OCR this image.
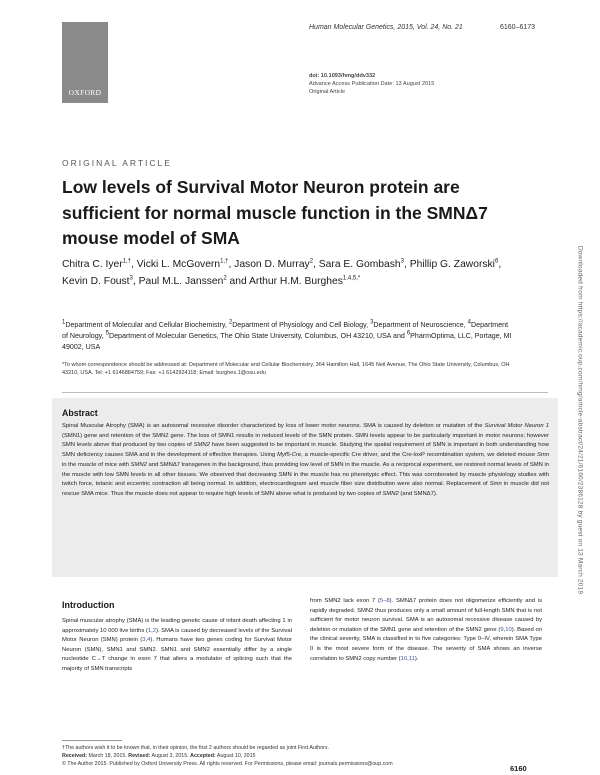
OXFORD
Human Molecular Genetics, 2015, Vol. 24, No. 21	6160–6173
doi: 10.1093/hmg/ddv332
Advance Access Publication Date: 13 August 2015
Original Article
ORIGINAL ARTICLE
Low levels of Survival Motor Neuron protein are sufficient for normal muscle function in the SMNΔ7 mouse model of SMA
Chitra C. Iyer$^{1,\dagger}$, Vicki L. McGovern$^{1,\dagger}$, Jason D. Murray$^2$, Sara E. Gombash$^3$, Phillip G. Zaworski$^6$, Kevin D. Foust$^3$, Paul M.L. Janssen$^2$ and Arthur H.M. Burghes$^{1,4,5,*}$
$^1$Department of Molecular and Cellular Biochemistry, $^2$Department of Physiology and Cell Biology, $^3$Department of Neuroscience, $^4$Department of Neurology, $^5$Department of Molecular Genetics, The Ohio State University, Columbus, OH 43210, USA and $^6$PharmOptima, LLC, Portage, MI 49002, USA
*To whom correspondence should be addressed at: Department of Molecular and Cellular Biochemistry, 364 Hamilton Hall, 1645 Neil Avenue, The Ohio State University, Columbus, OH 43210, USA. Tel: +1 6146884759; Fax: +1 6142924118; Email: burghes.1@osu.edu
Abstract
Spinal Muscular Atrophy (SMA) is an autosomal recessive disorder characterized by loss of lower motor neurons. SMA is caused by deletion or mutation of the Survival Motor Neuron 1 (SMN1) gene and retention of the SMN2 gene. The loss of SMN1 results in reduced levels of the SMN protein. SMN levels appear to be particularly important in motor neurons; however SMN levels above that produced by two copies of SMN2 have been suggested to be important in muscle. Studying the spatial requirement of SMN is important in both understanding how SMN deficiency causes SMA and in the development of effective therapies. Using Myf5-Cre, a muscle-specific Cre driver, and the Cre-loxP recombination system, we deleted mouse Smn in the muscle of mice with SMN2 and SMNΔ7 transgenes in the background, thus providing low level of SMN in the muscle. As a reciprocal experiment, we restored normal levels of SMN in the muscle with low SMN levels in all other tissues. We observed that decreasing SMN in the muscle has no phenotypic effect. This was corroborated by muscle physiology studies with twitch force, tetanic and eccentric contraction all being normal. In addition, electrocardiogram and muscle fiber size distribution were also normal. Replacement of Smn in muscle did not rescue SMA mice. Thus the muscle does not appear to require high levels of SMN above what is produced by two copies of SMN2 (and SMNΔ7).
Introduction
Spinal muscular atrophy (SMA) is the leading genetic cause of infant death affecting 1 in approximately 10 000 live births (1,2). SMA is caused by decreased levels of the Survival Motor Neuron (SMN) protein (3,4). Humans have two genes coding for Survival Motor Neuron (SMN), SMN1 and SMN2. SMN1 and SMN2 essentially differ by a single nucleotide C→T change in exon 7 that alters a modulator of splicing such that the majority of SMN transcripts
from SMN2 lack exon 7 (5–8). SMNΔ7 protein does not oligomerize efficiently and is rapidly degraded. SMN2 thus produces only a small amount of full-length SMN that is not sufficient for motor neuron survival. SMA is an autosomal recessive disease caused by deletion or mutation of the SMN1 gene and retention of the SMN2 gene (9,10). Based on the clinical severity, SMA is classified in to five categories: Type 0–IV, wherein SMA Type 0 is the most severe form of the disease. The severity of SMA shows an inverse correlation to SMN2 copy number (10,11).
†The authors wish it to be known that, in their opinion, the first 2 authors should be regarded as joint First Authors.
Received: March 18, 2015. Revised: August 3, 2015. Accepted: August 10, 2015
© The Author 2015. Published by Oxford University Press. All rights reserved. For Permissions, please email: journals.permissions@oup.com	6160
Downloaded from https://academic.oup.com/hmg/article-abstract/24/21/6160/2386128 by guest on 13 March 2019
